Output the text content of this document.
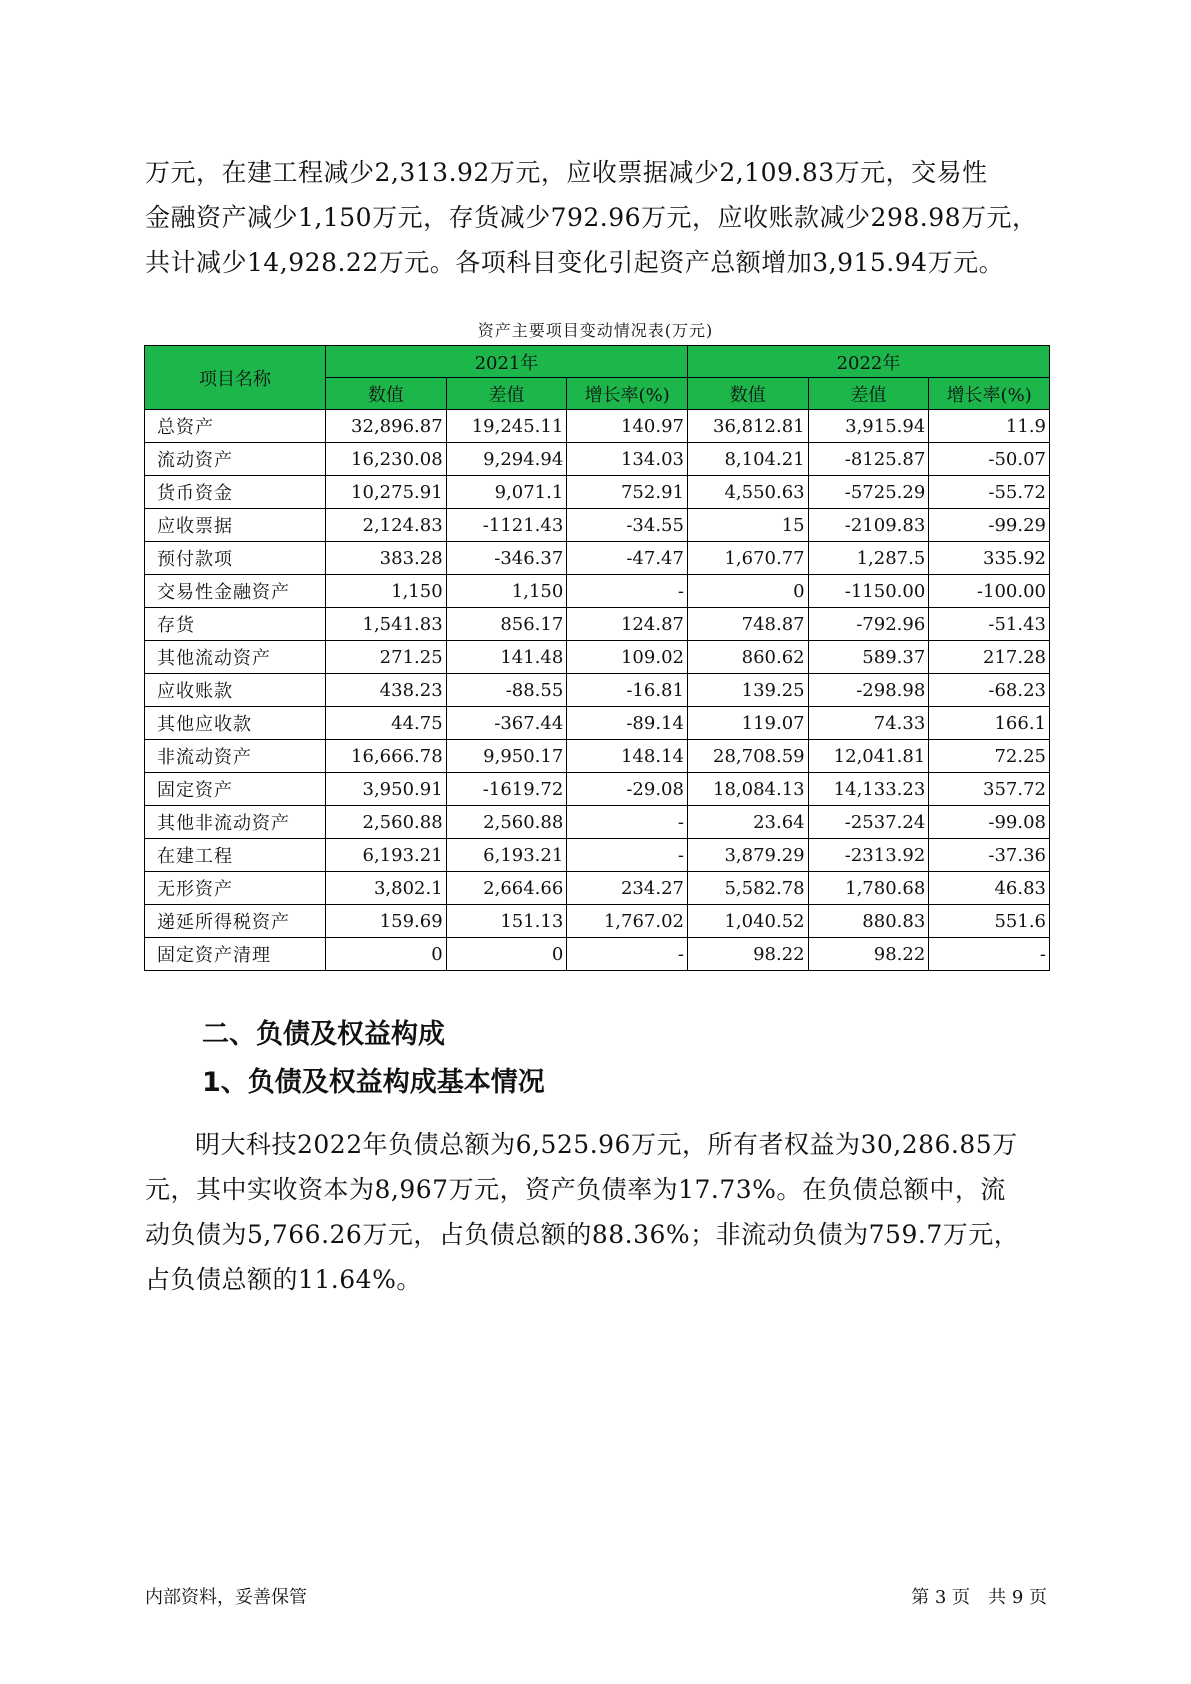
万元，在建工程减少2,313.92万元，应收票据减少2,109.83万元，交易性
金融资产减少1,150万元，存货减少792.96万元，应收账款减少298.98万元，
共计减少14,928.22万元。各项科目变化引起资产总额增加3,915.94万元。
资产主要项目变动情况表(万元)
项目名称	2021年			2022年		
	数值	差值	增长率(%)	数值	差值	增长率(%)
总资产	32,896.87	19,245.11	140.97	36,812.81	3,915.94	11.9
流动资产	16,230.08	9,294.94	134.03	8,104.21	-8125.87	-50.07
货币资金	10,275.91	9,071.1	752.91	4,550.63	-5725.29	-55.72
应收票据	2,124.83	-1121.43	-34.55	15	-2109.83	-99.29
预付款项	383.28	-346.37	-47.47	1,670.77	1,287.5	335.92
交易性金融资产	1,150	1,150	-	0	-1150.00	-100.00
存货	1,541.83	856.17	124.87	748.87	-792.96	-51.43
其他流动资产	271.25	141.48	109.02	860.62	589.37	217.28
应收账款	438.23	-88.55	-16.81	139.25	-298.98	-68.23
其他应收款	44.75	-367.44	-89.14	119.07	74.33	166.1
非流动资产	16,666.78	9,950.17	148.14	28,708.59	12,041.81	72.25
固定资产	3,950.91	-1619.72	-29.08	18,084.13	14,133.23	357.72
其他非流动资产	2,560.88	2,560.88	-	23.64	-2537.24	-99.08
在建工程	6,193.21	6,193.21	-	3,879.29	-2313.92	-37.36
无形资产	3,802.1	2,664.66	234.27	5,582.78	1,780.68	46.83
递延所得税资产	159.69	151.13	1,767.02	1,040.52	880.83	551.6
固定资产清理	0	0	-	98.22	98.22	-
二、负债及权益构成
1、负债及权益构成基本情况
明大科技2022年负债总额为6,525.96万元，所有者权益为30,286.85万
元，其中实收资本为8,967万元，资产负债率为17.73%。在负债总额中，流
动负债为5,766.26万元，占负债总额的88.36%；非流动负债为759.7万元，
占负债总额的11.64%。
内部资料，妥善保管	第 3 页　共 9 页
